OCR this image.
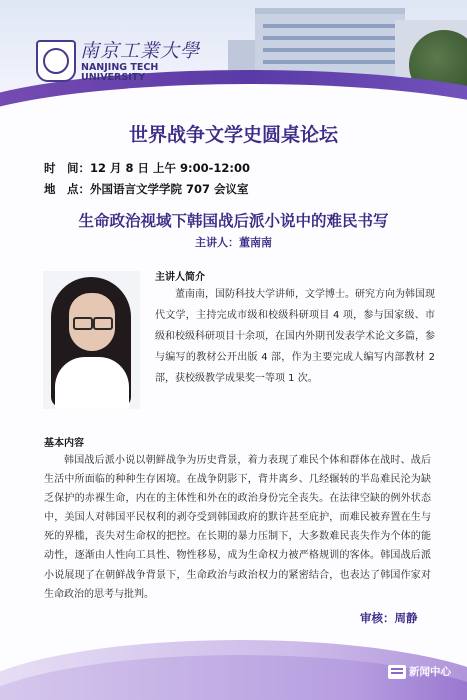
南京工業大學
NANJING TECH
UNIVERSITY
世界战争文学史圆桌论坛
时　间：12 月 8 日 上午 9:00-12:00
地　点：外国语言文学学院 707 会议室
生命政治视域下韩国战后派小说中的难民书写
主讲人：董南南
主讲人简介
董南南，国防科技大学讲师，文学博士。研究方向为韩国现代文学，主持完成市级和校级科研项目 4 项，参与国家级、市级和校级科研项目十余项，在国内外期刊发表学术论文多篇，参与编写的教材公开出版 4 部，作为主要完成人编写内部教材 2 部，获校级教学成果奖一等项 1 次。
基本内容
韩国战后派小说以朝鲜战争为历史背景，着力表现了难民个体和群体在战时、战后生活中所面临的种种生存困境。在战争阴影下，背井离乡、几经辗转的半岛难民沦为缺乏保护的赤裸生命，内在的主体性和外在的政治身份完全丧失。在法律空缺的例外状态中，美国人对韩国平民权利的剥夺受到韩国政府的默许甚至庇护，而难民被弃置在生与死的界槛，丧失对生命权的把控。在长期的暴力压制下，大多数难民丧失作为个体的能动性，逐渐由人性向工具性、物性移易，成为生命权力被严格规训的客体。韩国战后派小说展现了在朝鲜战争背景下，生命政治与政治权力的紧密结合，也表达了韩国作家对生命政治的思考与批判。
审核：周静
新闻中心
